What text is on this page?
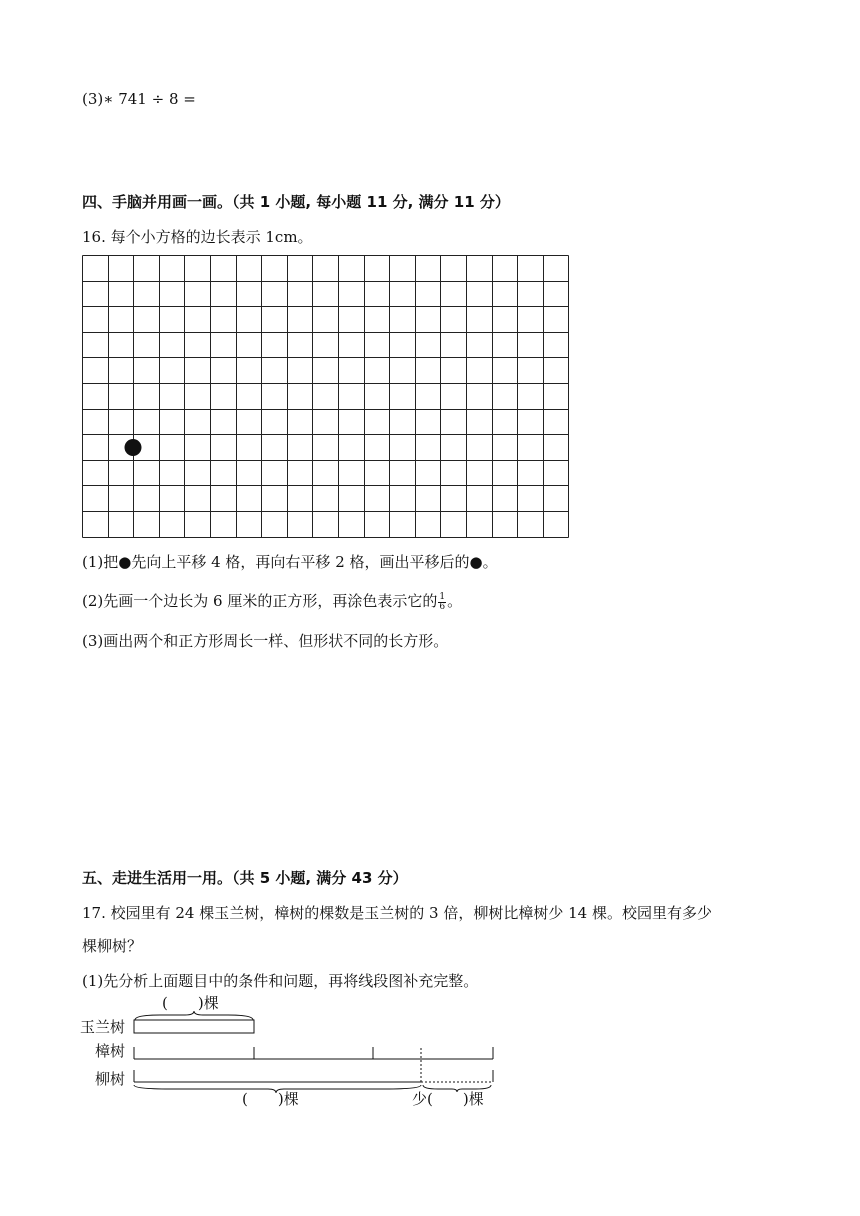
(3)∗ 741 ÷ 8 =
四、手脑并用画一画。（共 1 小题, 每小题 11 分, 满分 11 分）
16. 每个小方格的边长表示 1cm。
(1)把●先向上平移 4 格，再向右平移 2 格，画出平移后的●。
(2)先画一个边长为 6 厘米的正方形，再涂色表示它的 $\frac{1}{6}$ 。
(3)画出两个和正方形周长一样、但形状不同的长方形。
五、走进生活用一用。（共 5 小题, 满分 43 分）
17. 校园里有 24 棵玉兰树，樟树的棵数是玉兰树的 3 倍，柳树比樟树少 14 棵。校园里有多少
棵柳树？
(1)先分析上面题目中的条件和问题，再将线段图补充完整。
(　　)棵
玉兰树
樟树
柳树
(　　)棵	少(　　)棵
